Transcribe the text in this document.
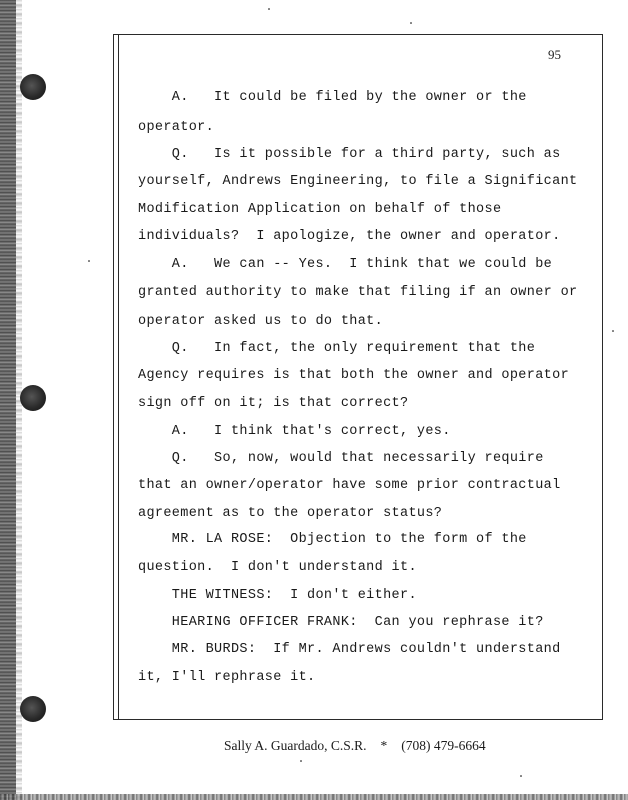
95
A.   It could be filed by the owner or the
operator.
Q.   Is it possible for a third party, such as
yourself, Andrews Engineering, to file a Significant
Modification Application on behalf of those
individuals?  I apologize, the owner and operator.
A.   We can -- Yes.  I think that we could be
granted authority to make that filing if an owner or
operator asked us to do that.
Q.   In fact, the only requirement that the
Agency requires is that both the owner and operator
sign off on it; is that correct?
A.   I think that's correct, yes.
Q.   So, now, would that necessarily require
that an owner/operator have some prior contractual
agreement as to the operator status?
MR. LA ROSE:  Objection to the form of the
question.  I don't understand it.
THE WITNESS:  I don't either.
HEARING OFFICER FRANK:  Can you rephrase it?
MR. BURDS:  If Mr. Andrews couldn't understand
it, I'll rephrase it.
Sally A. Guardado, C.S.R. * (708) 479-6664
